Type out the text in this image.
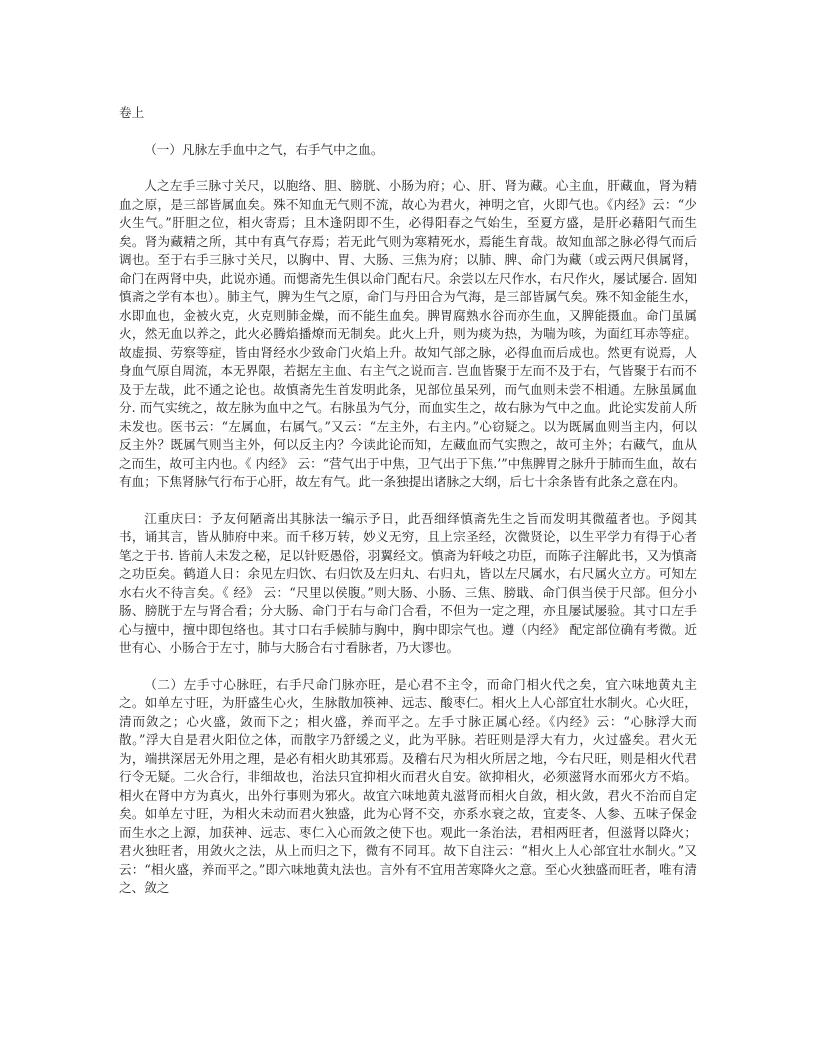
卷上
（一）凡脉左手血中之气，右手气中之血。

人之左手三脉寸关尺，以胞络、胆、膀胱、小肠为府；心、肝、肾为藏。心主血，肝藏血，肾为精血之原，是三部皆属血矣。殊不知血无气则不流，故心为君火，神明之官，火即气也。《内经》云：“少火生气。”肝胆之位，相火寄焉；且木逢阴即不生，必得阳春之气始生，至夏方盛，是肝必藉阳气而生矣。肾为藏精之所，其中有真气存焉；若无此气则为寒精死水，焉能生育哉。故知血部之脉必得气而后调也。至于右手三脉寸关尺，以胸中、胃、大肠、三焦为府；以肺、脾、命门为藏（或云两尺俱属肾，命门在两肾中央，此说亦通。而愢斋先生俱以命门配右尺。余尝以左尺作水，右尺作火，屡试屡合. 固知慎斋之学有本也）。肺主气，脾为生气之原，命门与丹田合为气海，是三部皆属气矣。殊不知金能生水，水即血也，金被火克，火克则肺金燥，而不能生血矣。脾胃腐熟水谷而亦生血，又脾能摄血。命门虽属火，然无血以养之，此火必腾焰播燎而无制矣。此火上升，则为痰为热，为喘为咳，为面红耳赤等症。故虚损、劳察等症，皆由肾经水少致命门火焰上升。故知气部之脉，必得血而后成也。然更有说焉，人身血气原自周流，本无界限，若据左主血、右主气之说而言. 岂血皆聚于左而不及于右，气皆聚于右而不及于左哉，此不通之论也。故慎斋先生首发明此条，见部位虽呆列，而气血则未尝不相通。左脉虽属血分. 而气实统之，故左脉为血中之气。右脉虽为气分，而血实生之，故右脉为气中之血。此论实发前人所未发也。医书云：“左属血，右属气。”又云：“左主外，右主内。”心窃疑之。以为既属血则当主内，何以反主外？既属气则当主外，何以反主内？今读此论而知，左藏血而气实煦之，故可主外；右藏气，血从之而生，故可主内也。《 内经》 云：“营气出于中焦，卫气出于下焦.’”中焦脾胃之脉升于肺而生血，故右有血；下焦肾脉气行布于心肝，故左有气。此一条独提出诸脉之大纲，后七十余条皆有此条之意在内。

江重庆曰：予友何陋斋出其脉法一编示予日，此吾细绎慎斋先生之旨而发明其微蕴者也。予阅其书，诵其言，皆从肺府中来。而千移万转，妙义无穷，且上宗圣经，次微贤论，以生平学力有得于心者笔之于书. 皆前人未发之秘，足以针贬愚俗，羽翼经文。慎斋为轩岐之功臣，而陈子注解此书，又为慎斋之功臣矣。鹤道人日：余见左归饮、右归饮及左归丸、右归丸，皆以左尺属水，右尺属火立方。可知左水右火不待言矣。《 经》 云：“尺里以侯腹。”则大肠、小肠、三焦、膀戢、命门俱当侯于尺部。但分小肠、膀胱于左与肾合看；分大肠、命门于右与命门合看，不但为一定之理，亦且屡试屡验。其寸口左手心与擅中，擅中即包络也。其寸口右手候肺与胸中，胸中即宗气也。遵（内经》 配定部位确有考微。近世有心、小肠合于左寸，肺与大肠合右寸看脉者，乃大谬也。

（二）左手寸心脉旺，右手尺命门脉亦旺，是心君不主令，而命门相火代之矣，宜六味地黄丸主之。如单左寸旺，为肝盛生心火，生脉散加筷神、远志、酸枣仁。相火上人心部宜壮水制火。心火旺，清而敛之；心火盛，敛而下之；相火盛，养而平之。左手寸脉正属心经。《内经》云：“心脉浮大而散。”浮大自是君火阳位之体，而散字乃舒缓之义，此为平脉。若旺则是浮大有力，火过盛矣。君火无为，端拱深居无外用之理，是必有相火助其邪焉。及稽右尺为相火所居之地，今右尺旺，则是相火代君行令无疑。二火合行，非细故也，治法只宜抑相火而君火自安。欲抑相火，必须滋肾水而邪火方不焰。相火在肾中方为真火，出外行事则为邪火。故宜六味地黄丸滋肾而相火自敛，相火敛，君火不治而自定矣。如单左寸旺，为相火未动而君火独盛，此为心肾不交，亦系水衰之故，宜麦冬、人参、五味子保金而生水之上源，加获神、远志、枣仁入心而敛之使下也。观此一条治法，君相两旺者，但滋肾以降火；君火独旺者，用敛火之法，从上而归之下，微有不同耳。故下自注云：“相火上人心部宜壮水制火。”又云：“相火盛，养而平之。”即六味地黄丸法也。言外有不宜用苦寒降火之意。至心火独盛而旺者，唯有清之、敛之
